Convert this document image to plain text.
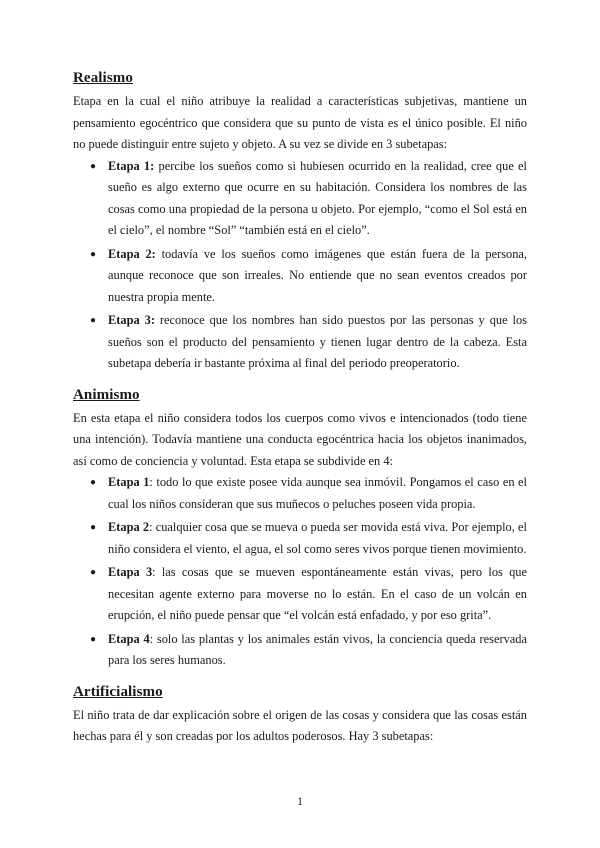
Realismo

Etapa en la cual el niño atribuye la realidad a características subjetivas, mantiene un pensamiento egocéntrico que considera que su punto de vista es el único posible. El niño no puede distinguir entre sujeto y objeto. A su vez se divide en 3 subetapas:

● Etapa 1: percibe los sueños como si hubiesen ocurrido en la realidad, cree que el sueño es algo externo que ocurre en su habitación. Considera los nombres de las cosas como una propiedad de la persona u objeto. Por ejemplo, “como el Sol está en el cielo”, el nombre “Sol” “también está en el cielo”.
● Etapa 2: todavía ve los sueños como imágenes que están fuera de la persona, aunque reconoce que son irreales. No entiende que no sean eventos creados por nuestra propia mente.
● Etapa 3: reconoce que los nombres han sido puestos por las personas y que los sueños son el producto del pensamiento y tienen lugar dentro de la cabeza. Esta subetapa debería ir bastante próxima al final del periodo preoperatorio.
Animismo

En esta etapa el niño considera todos los cuerpos como vivos e intencionados (todo tiene una intención). Todavía mantiene una conducta egocéntrica hacia los objetos inanimados, así como de conciencia y voluntad. Esta etapa se subdivide en 4:

● Etapa 1: todo lo que existe posee vida aunque sea inmóvil. Pongamos el caso en el cual los niños consideran que sus muñecos o peluches poseen vida propia.
● Etapa 2: cualquier cosa que se mueva o pueda ser movida está viva. Por ejemplo, el niño considera el viento, el agua, el sol como seres vivos porque tienen movimiento.
● Etapa 3: las cosas que se mueven espontáneamente están vivas, pero los que necesitan agente externo para moverse no lo están. En el caso de un volcán en erupción, el niño puede pensar que “el volcán está enfadado, y por eso grita”.
● Etapa 4: solo las plantas y los animales están vivos, la conciencia queda reservada para los seres humanos.
Artificialismo

El niño trata de dar explicación sobre el origen de las cosas y considera que las cosas están hechas para él y son creadas por los adultos poderosos. Hay 3 subetapas:

1
